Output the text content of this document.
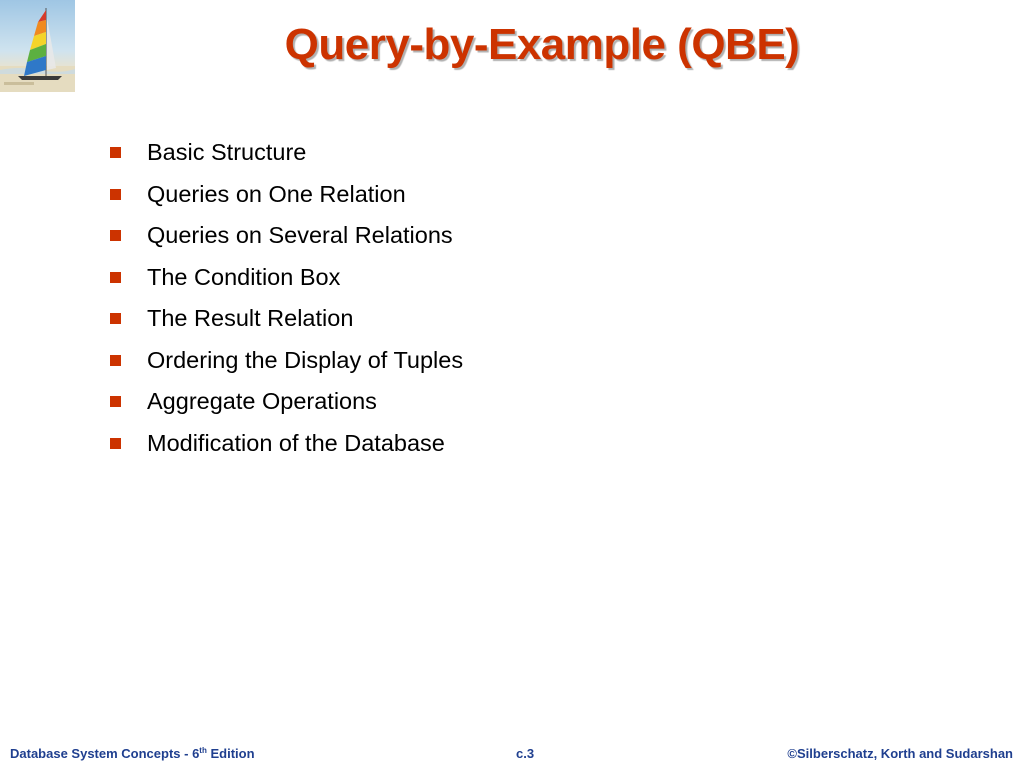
Query-by-Example (QBE)
Basic Structure
Queries on One Relation
Queries on Several Relations
The Condition Box
The Result Relation
Ordering the Display of Tuples
Aggregate Operations
Modification of the Database
Database System Concepts - 6th Edition	c.3	©Silberschatz, Korth and Sudarshan
